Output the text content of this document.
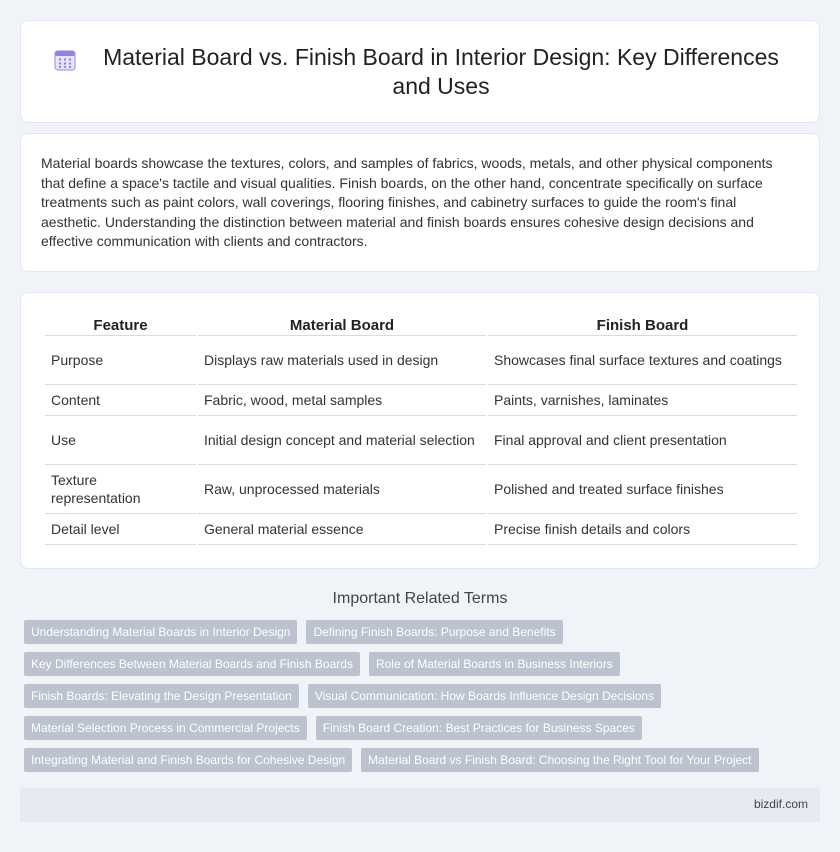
Material Board vs. Finish Board in Interior Design: Key Differences and Uses

Material boards showcase the textures, colors, and samples of fabrics, woods, metals, and other physical components that define a space's tactile and visual qualities. Finish boards, on the other hand, concentrate specifically on surface treatments such as paint colors, wall coverings, flooring finishes, and cabinetry surfaces to guide the room's final aesthetic. Understanding the distinction between material and finish boards ensures cohesive design decisions and effective communication with clients and contractors.

Feature	Material Board	Finish Board
Purpose	Displays raw materials used in design	Showcases final surface textures and coatings
Content	Fabric, wood, metal samples	Paints, varnishes, laminates
Use	Initial design concept and material selection	Final approval and client presentation
Texture representation	Raw, unprocessed materials	Polished and treated surface finishes
Detail level	General material essence	Precise finish details and colors
Important Related Terms
Understanding Material Boards in Interior Design	Defining Finish Boards: Purpose and Benefits
Key Differences Between Material Boards and Finish Boards	Role of Material Boards in Business Interiors
Finish Boards: Elevating the Design Presentation	Visual Communication: How Boards Influence Design Decisions
Material Selection Process in Commercial Projects	Finish Board Creation: Best Practices for Business Spaces
Integrating Material and Finish Boards for Cohesive Design	Material Board vs Finish Board: Choosing the Right Tool for Your Project
bizdif.com
